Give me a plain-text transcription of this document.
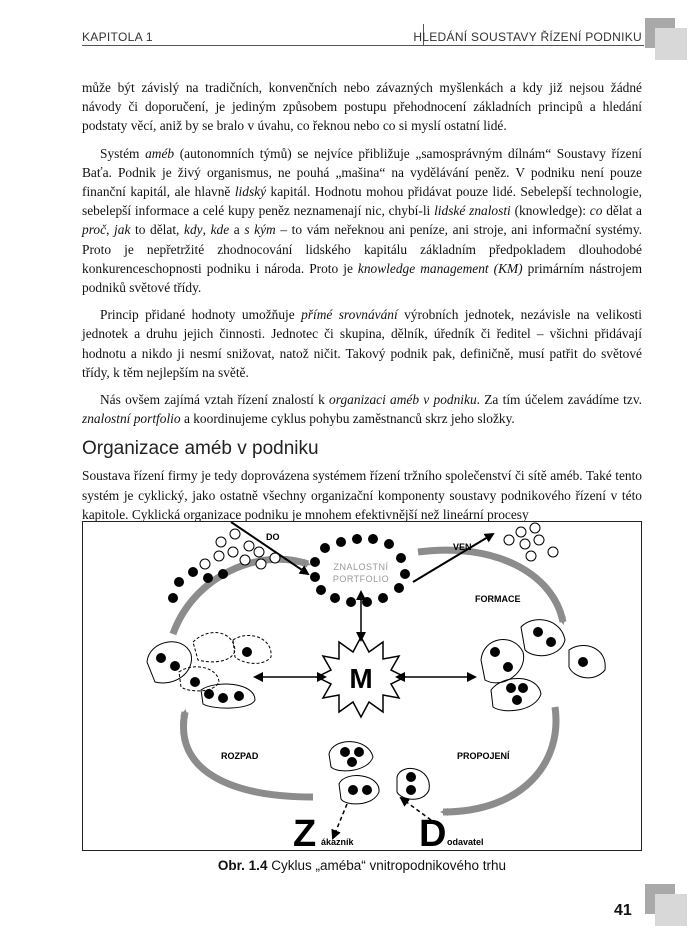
KAPITOLA 1	HLEDÁNÍ SOUSTAVY ŘÍZENÍ PODNIKU

může být závislý na tradičních, konvenčních nebo závazných myšlenkách a kdy již nejsou žádné návody či doporučení, je jediným způsobem postupu přehodnocení základních principů a hledání podstaty věcí, aniž by se bralo v úvahu, co řeknou nebo co si myslí ostatní lidé.

Systém améb (autonomních týmů) se nejvíce přibližuje „samosprávným dílnám“ Soustavy řízení Baťa. Podnik je živý organismus, ne pouhá „mašina“ na vydělávání peněz. V podniku není pouze finanční kapitál, ale hlavně lidský kapitál. Hodnotu mohou přidávat pouze lidé. Sebelepší technologie, sebelepší informace a celé kupy peněz neznamenají nic, chybí-li lidské znalosti (knowledge): co dělat a proč, jak to dělat, kdy, kde a s kým – to vám neřeknou ani peníze, ani stroje, ani informační systémy. Proto je nepřetržité zhodnocování lidského kapitálu základním předpokladem dlouhodobé konkurenceschopnosti podniku i národa. Proto je knowledge management (KM) primárním nástrojem podniků světové třídy.

Princip přidané hodnoty umožňuje přímé srovnávání výrobních jednotek, nezávisle na velikosti jednotek a druhu jejich činnosti. Jednotec či skupina, dělník, úředník či ředitel – všichni přidávají hodnotu a nikdo ji nesmí snižovat, natož ničit. Takový podnik pak, definičně, musí patřit do světové třídy, k těm nejlepším na světě.

Nás ovšem zajímá vztah řízení znalostí k organizaci améb v podniku. Za tím účelem zavádíme tzv. znalostní portfolio a koordinujeme cyklus pohybu zaměstnanců skrz jeho složky.

Organizace améb v podniku

Soustava řízení firmy je tedy doprovázena systémem řízení tržního společenství či sítě améb. Také tento systém je cyklický, jako ostatně všechny organizační komponenty soustavy podnikového řízení v této kapitole. Cyklická organizace podniku je mnohem efektivnější než lineární procesy

ZNALOSTNÍ
PORTFOLIO
DO
VEN
FORMACE
M
PROPOJENÍ
ROZPAD
Z ákazník D odavatel
Obr. 1.4 Cyklus „améba“ vnitropodnikového trhu
41
